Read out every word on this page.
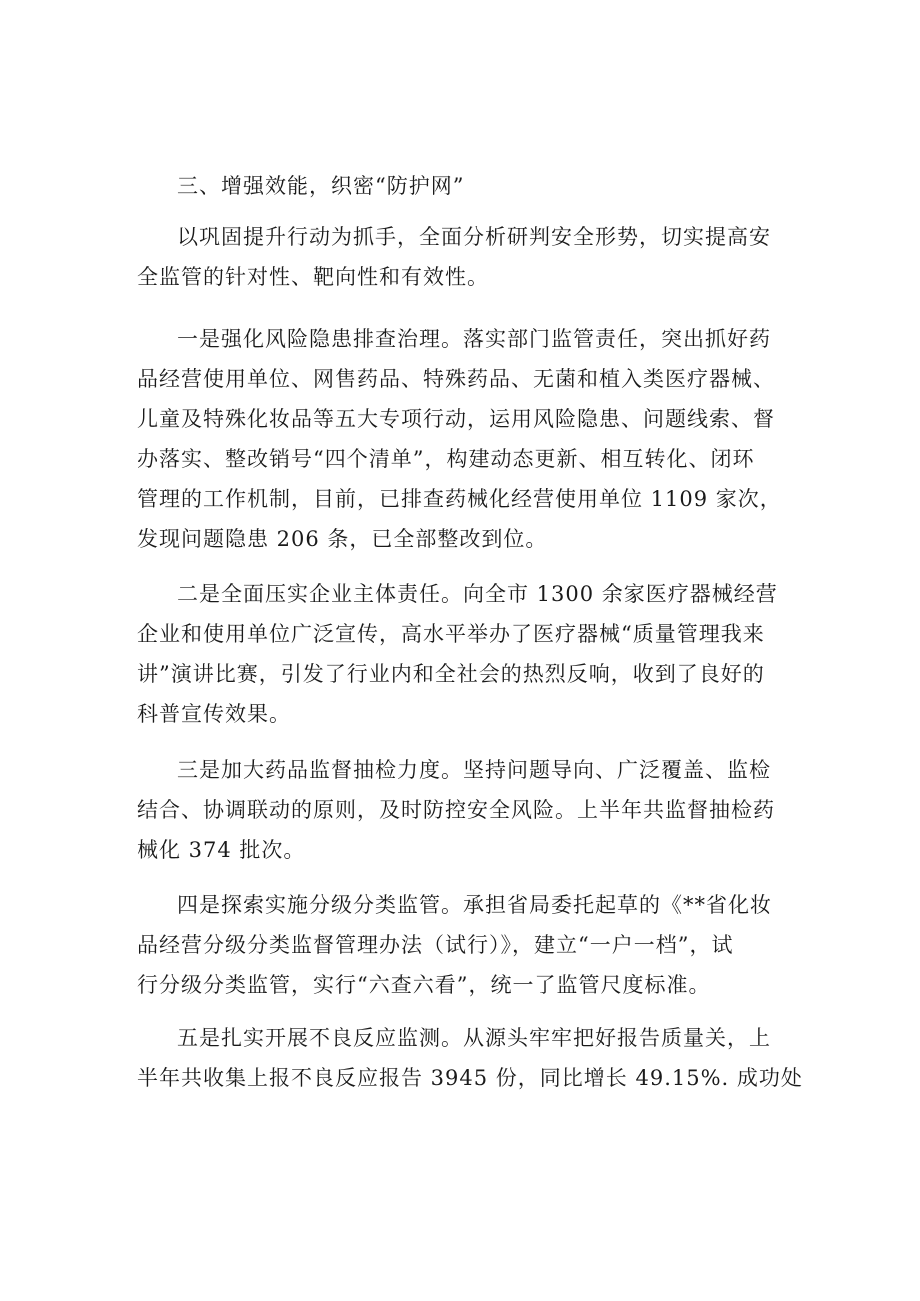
三、增强效能，织密“防护网”
以巩固提升行动为抓手，全面分析研判安全形势，切实提高安
全监管的针对性、靶向性和有效性。
一是强化风险隐患排查治理。落实部门监管责任，突出抓好药
品经营使用单位、网售药品、特殊药品、无菌和植入类医疗器械、
儿童及特殊化妆品等五大专项行动，运用风险隐患、问题线索、督
办落实、整改销号“四个清单”，构建动态更新、相互转化、闭环
管理的工作机制，目前，已排查药械化经营使用单位 1109 家次，
发现问题隐患 206 条，已全部整改到位。
二是全面压实企业主体责任。向全市 1300 余家医疗器械经营
企业和使用单位广泛宣传，高水平举办了医疗器械“质量管理我来
讲”演讲比赛，引发了行业内和全社会的热烈反响，收到了良好的
科普宣传效果。
三是加大药品监督抽检力度。坚持问题导向、广泛覆盖、监检
结合、协调联动的原则，及时防控安全风险。上半年共监督抽检药
械化 374 批次。
四是探索实施分级分类监管。承担省局委托起草的《**省化妆
品经营分级分类监督管理办法（试行）》，建立“一户一档”，试
行分级分类监管，实行“六查六看”，统一了监管尺度标准。
五是扎实开展不良反应监测。从源头牢牢把好报告质量关，上
半年共收集上报不良反应报告 3945 份，同比增长 49.15%. 成功处
